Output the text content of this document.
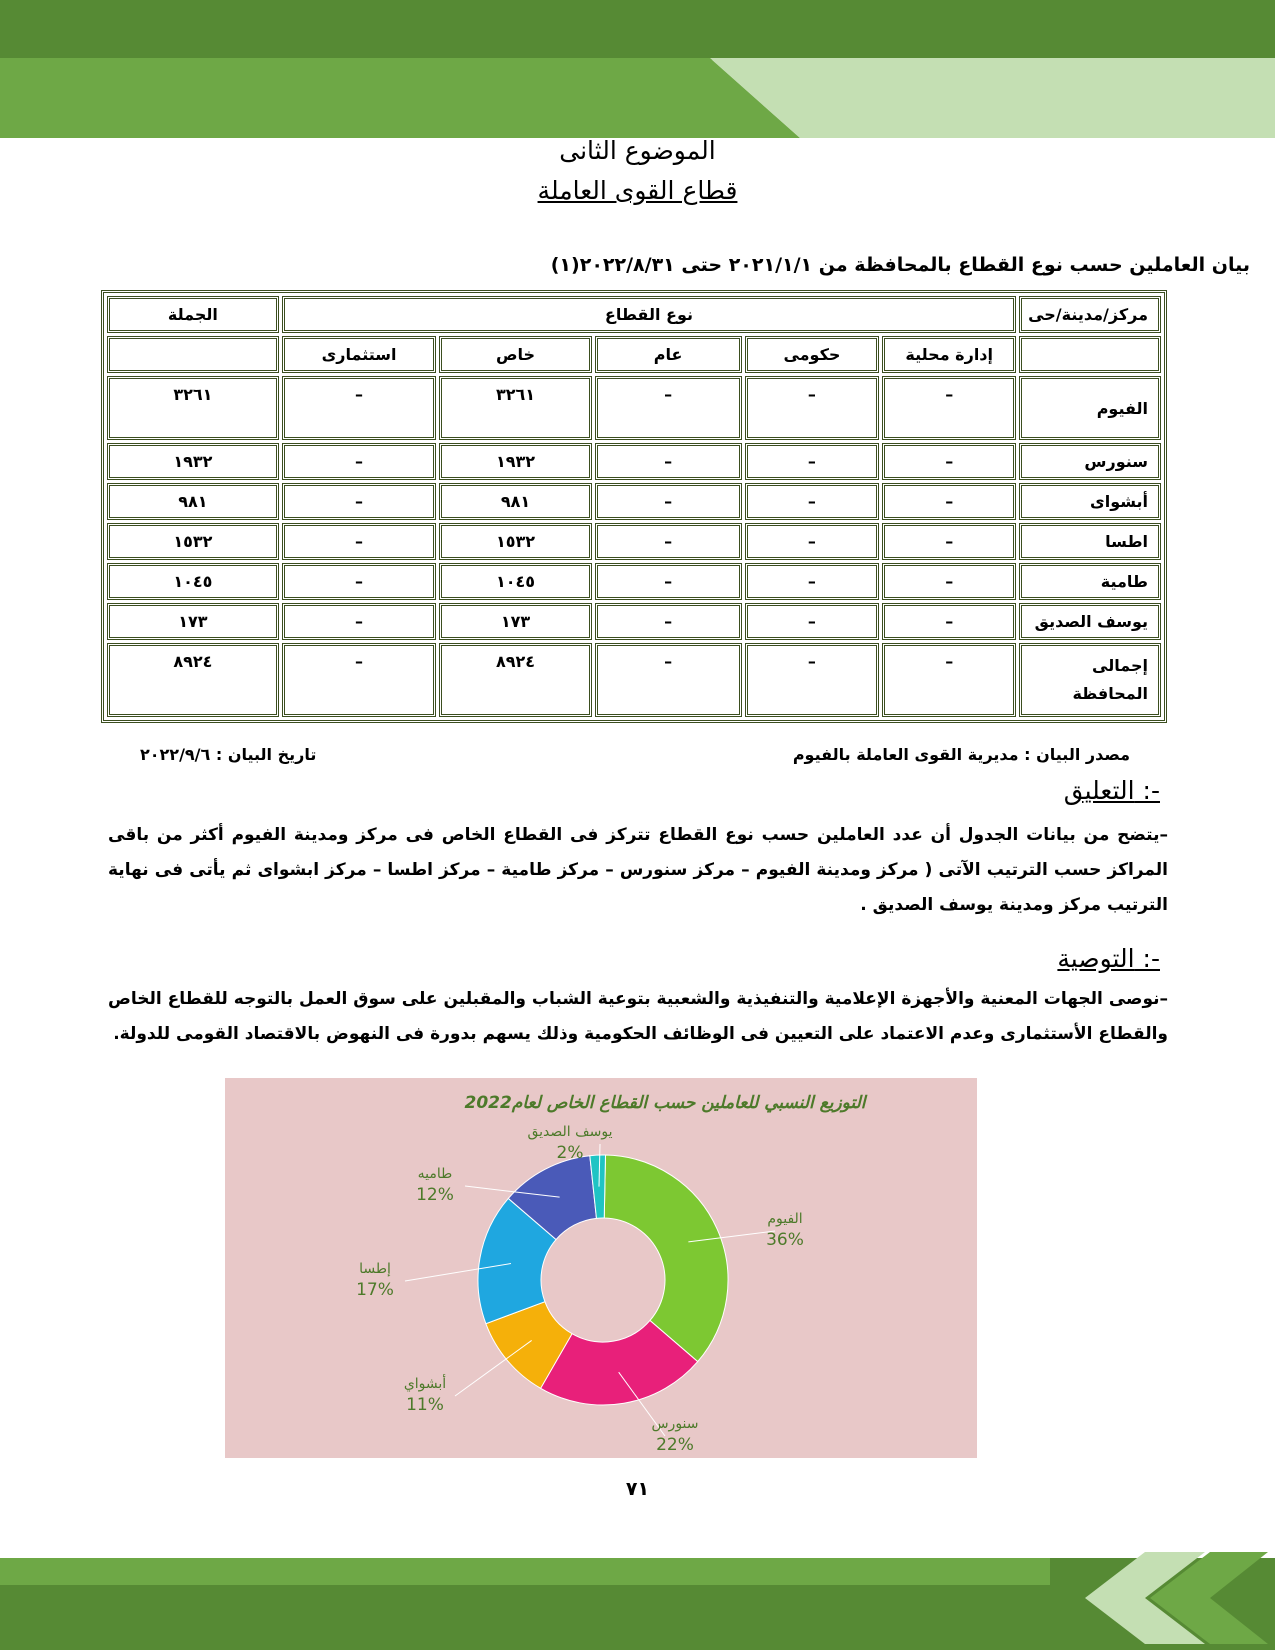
الموضوع الثانى
قطاع القوى العاملة
(١)بيان العاملين حسب نوع القطاع بالمحافظة من ٢٠٢١/١/١ حتى ٢٠٢٢/٨/٣١
مركز/مدينة/حى	نوع القطاع					الجملة
	إدارة محلية	حكومى	عام	خاص	استثمارى	
الفيوم	–	–	–	٣٢٦١	–	٣٢٦١
سنورس	–	–	–	١٩٣٢	–	١٩٣٢
أبشواى	–	–	–	٩٨١	–	٩٨١
اطسا	–	–	–	١٥٣٢	–	١٥٣٢
طامية	–	–	–	١٠٤٥	–	١٠٤٥
يوسف الصديق	–	–	–	١٧٣	–	١٧٣
إجمالى المحافظة	–	–	–	٨٩٢٤	–	٨٩٢٤
مصدر البيان : مديرية القوى العاملة بالفيوم
تاريخ البيان : ٢٠٢٢/٩/٦
التعليق :-
–يتضح من بيانات الجدول أن عدد العاملين حسب نوع القطاع تتركز فى القطاع الخاص فى مركز ومدينة الفيوم أكثر من باقى المراكز حسب الترتيب الآتى ( مركز ومدينة الفيوم – مركز سنورس – مركز طامية – مركز اطسا – مركز ابشواى ثم يأتى فى نهاية الترتيب مركز ومدينة يوسف الصديق .
التوصية :-
–نوصى الجهات المعنية والأجهزة الإعلامية والتنفيذية والشعبية بتوعية الشباب والمقبلين على سوق العمل بالتوجه للقطاع الخاص والقطاع الأستثمارى وعدم الاعتماد على التعيين فى الوظائف الحكومية وذلك يسهم بدورة فى النهوض بالاقتصاد القومى للدولة.
التوزيع النسبي للعاملين حسب القطاع الخاص لعام2022
الفيوم
36%
سنورس
22%
أبشواي
11%
إطسا
17%
طاميه
12%
يوسف الصديق
2%
٧١
